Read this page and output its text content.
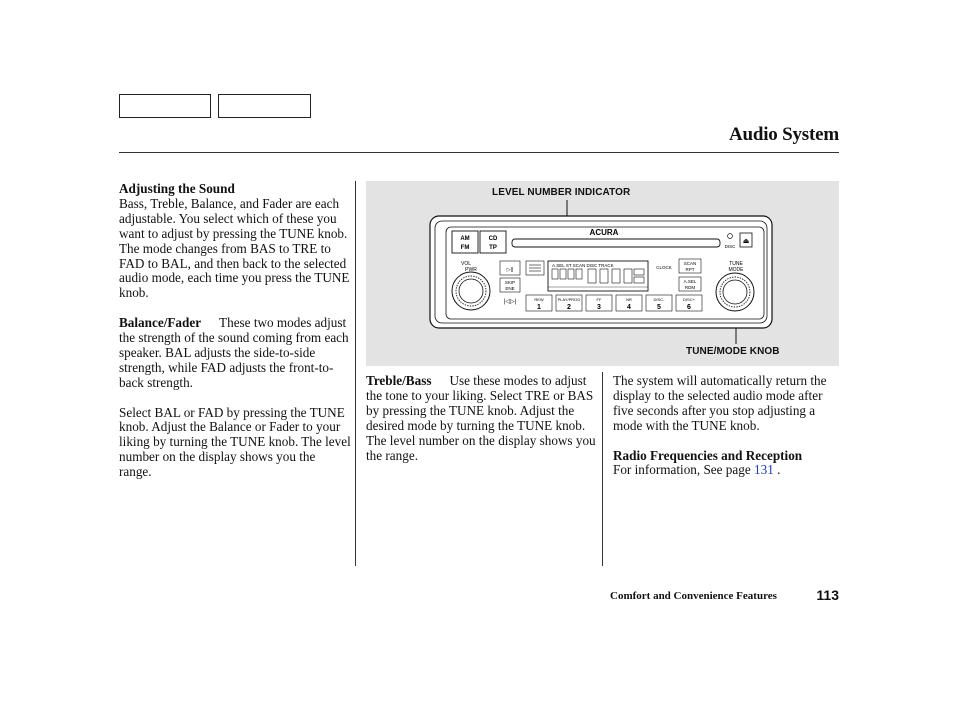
Audio System

Adjusting the Sound

Bass, Treble, Balance, and Fader are each adjustable. You select which of these you want to adjust by pressing the TUNE knob. The mode changes from BAS to TRE to FAD to BAL, and then back to the selected audio mode, each time you press the TUNE knob.

Balance/Fader These two modes adjust the strength of the sound coming from each speaker. BAL adjusts the side-to-side strength, while FAD adjusts the front-to-back strength.

Select BAL or FAD by pressing the TUNE knob. Adjust the Balance or Fader to your liking by turning the TUNE knob. The level number on the display shows you the range.

LEVEL NUMBER INDICATOR
TUNE/MODE KNOB
ACURA
AM
FM
CD
TP
⏏
DISC
VOL
PWR	▷||
SKIP
ENE
|◁▷|
A.SEL ST SCAN DISC TRACK	CLOCK
SCAN
RPT
A.SEL
RDM
TUNE
MODE
REW
1
PLAY/PROG
2
FF
3
NR
4
DISC-
5
DISC+
6

Treble/Bass Use these modes to adjust the tone to your liking. Select TRE or BAS by pressing the TUNE knob. Adjust the desired mode by turning the TUNE knob. The level number on the display shows you the range.

The system will automatically return the display to the selected audio mode after five seconds after you stop adjusting a mode with the TUNE knob.

Radio Frequencies and Reception

For information, See page 131 .

Comfort and Convenience Features	113
